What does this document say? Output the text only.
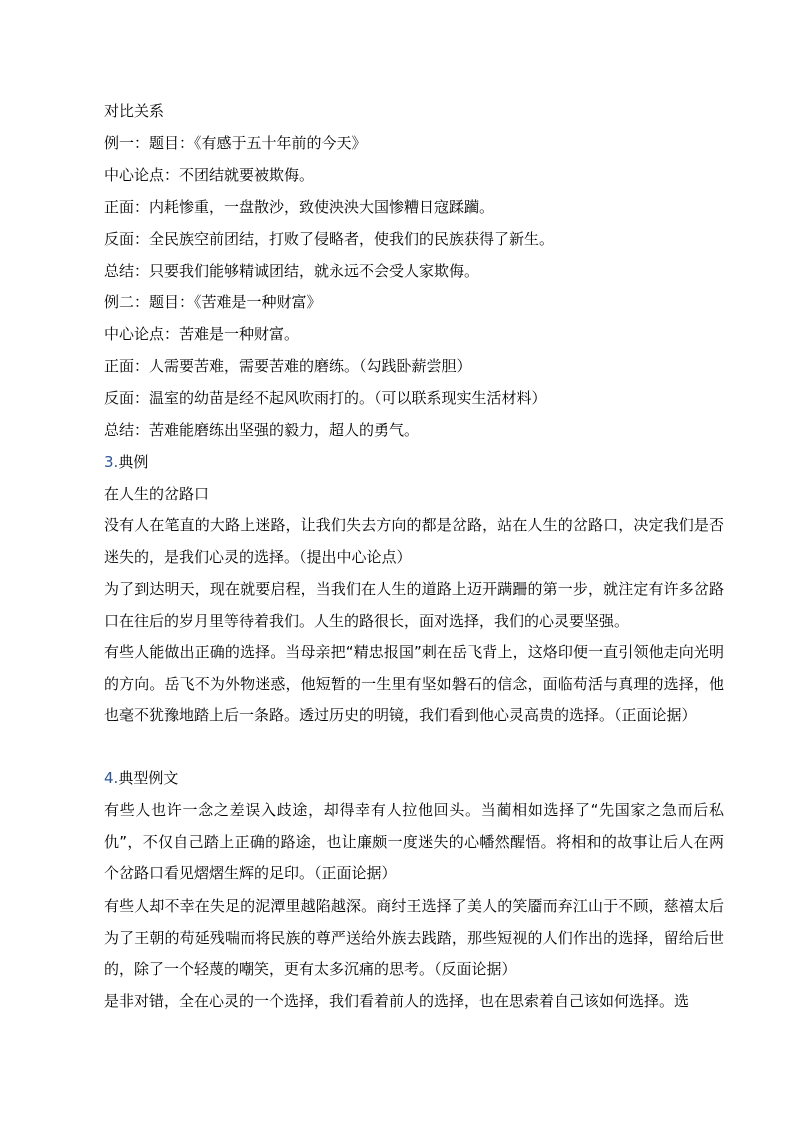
对比关系
例一：题目：《有感于五十年前的今天》
中心论点：不团结就要被欺侮。
正面：内耗惨重，一盘散沙，致使泱泱大国惨糟日寇蹂躏。
反面：全民族空前团结，打败了侵略者，使我们的民族获得了新生。
总结：只要我们能够精诚团结，就永远不会受人家欺侮。
例二：题目：《苦难是一种财富》
中心论点：苦难是一种财富。
正面：人需要苦难，需要苦难的磨练。（勾践卧薪尝胆）
反面：温室的幼苗是经不起风吹雨打的。（可以联系现实生活材料）
总结：苦难能磨练出坚强的毅力，超人的勇气。
3.典例
在人生的岔路口
没有人在笔直的大路上迷路，让我们失去方向的都是岔路，站在人生的岔路口，决定我们是否迷失的，是我们心灵的选择。（提出中心论点）
为了到达明天，现在就要启程，当我们在人生的道路上迈开蹒跚的第一步，就注定有许多岔路口在往后的岁月里等待着我们。人生的路很长，面对选择，我们的心灵要坚强。
有些人能做出正确的选择。当母亲把“精忠报国”刺在岳飞背上，这烙印便一直引领他走向光明的方向。岳飞不为外物迷惑，他短暂的一生里有坚如磐石的信念，面临苟活与真理的选择，他也毫不犹豫地踏上后一条路。透过历史的明镜，我们看到他心灵高贵的选择。（正面论据）
4.典型例文
有些人也许一念之差误入歧途，却得幸有人拉他回头。当蔺相如选择了“先国家之急而后私仇”，不仅自己踏上正确的路途，也让廉颇一度迷失的心幡然醒悟。将相和的故事让后人在两个岔路口看见熠熠生辉的足印。（正面论据）
有些人却不幸在失足的泥潭里越陷越深。商纣王选择了美人的笑靥而弃江山于不顾，慈禧太后为了王朝的苟延残喘而将民族的尊严送给外族去践踏，那些短视的人们作出的选择，留给后世的，除了一个轻蔑的嘲笑，更有太多沉痛的思考。（反面论据）
是非对错，全在心灵的一个选择，我们看着前人的选择，也在思索着自己该如何选择。选
